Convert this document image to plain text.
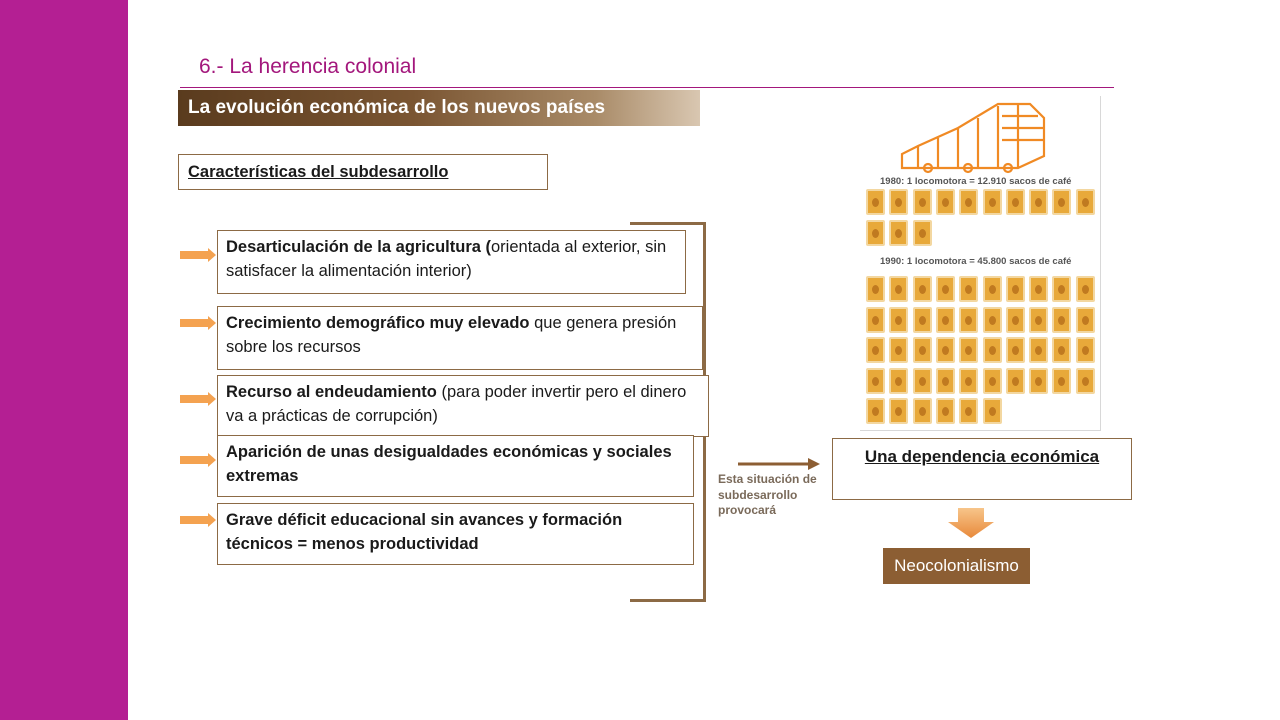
6.- La herencia colonial
La evolución económica de los nuevos países
Características del subdesarrollo
Desarticulación de la agricultura (orientada al exterior, sin satisfacer la alimentación interior)
Crecimiento demográfico muy elevado que genera presión sobre los recursos
Recurso al endeudamiento (para poder invertir pero el dinero va a prácticas de corrupción)
Aparición de unas desigualdades económicas y sociales extremas
Grave déficit educacional sin avances y formación técnicos = menos productividad
Esta situación de subdesarrollo provocará
Una dependencia económica
Neocolonialismo
1980: 1 locomotora = 12.910 sacos de café
1990: 1 locomotora = 45.800 sacos de café
